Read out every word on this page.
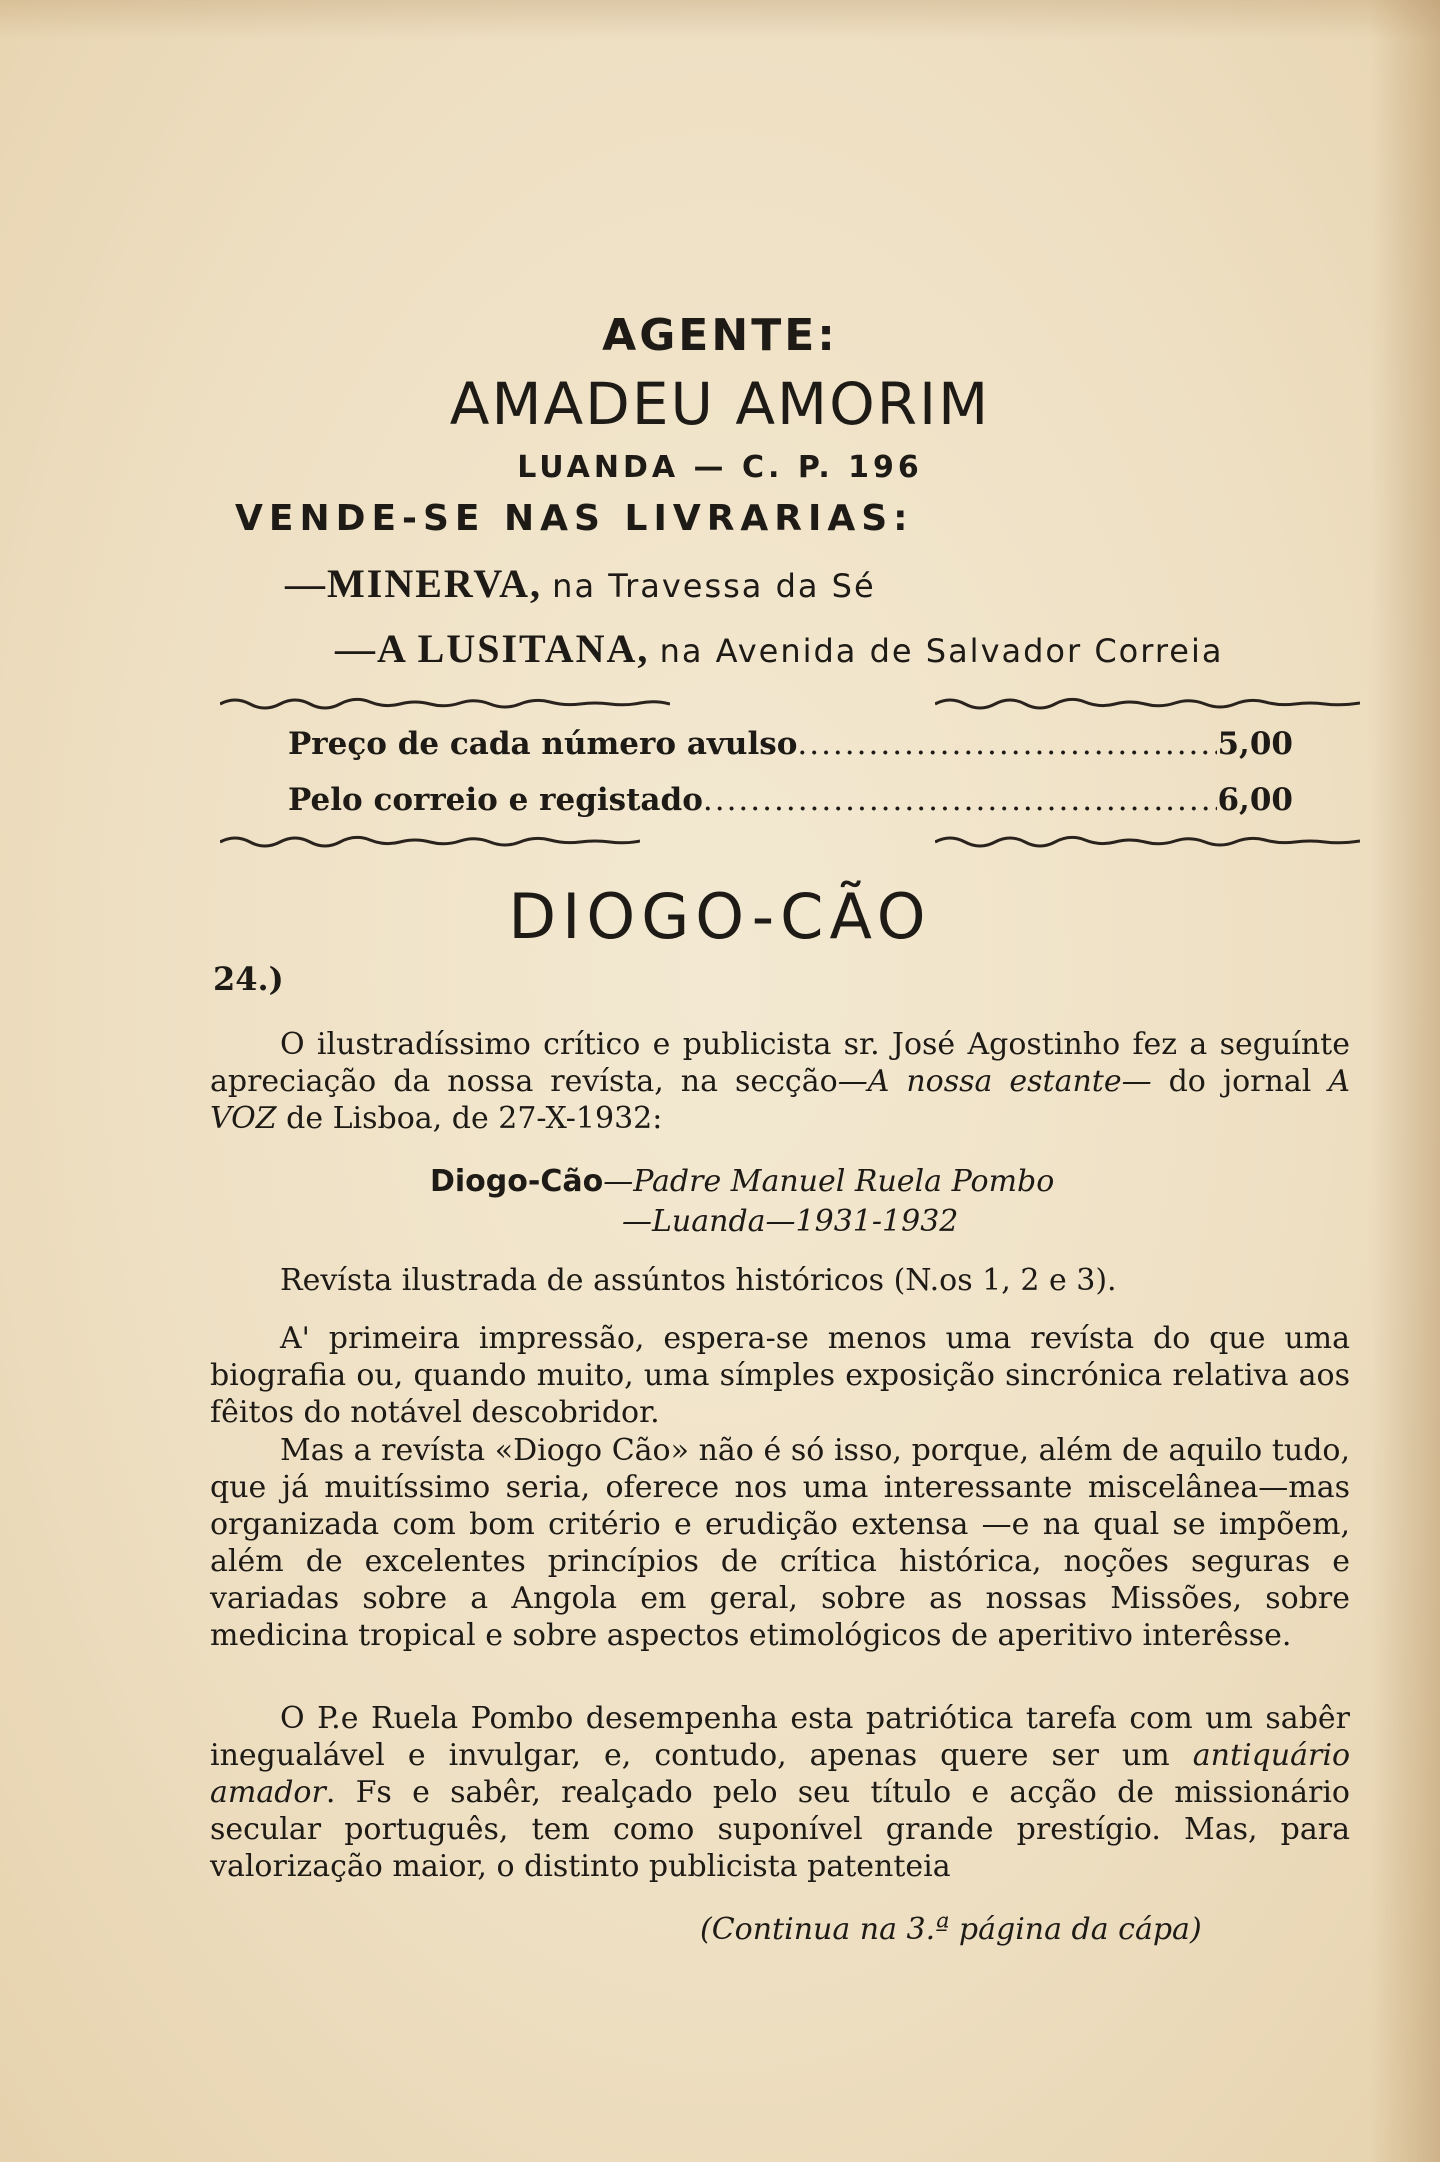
AGENTE:
AMADEU AMORIM
LUANDA — C. P. 196
VENDE-SE NAS LIVRARIAS:
—MINERVA, na Travessa da Sé
—A LUSITANA, na Avenida de Salvador Correia
Preço de cada número avulso .....	5,00
Pelo correio e registado .....	6,00
DIOGO-CÃO
24.)
O ilustradíssimo crítico e publicista sr. José Agostinho fez a seguínte apreciação da nossa revísta, na secção—A nossa estante— do jornal A VOZ de Lisboa, de 27-X-1932:
Diogo-Cão—Padre Manuel Ruela Pombo
—Luanda—1931-1932
Revísta ilustrada de assúntos históricos (N.os 1, 2 e 3).
A' primeira impressão, espera-se menos uma revísta do que uma biografia ou, quando muito, uma símples exposição sincrónica relativa aos fêitos do notável descobridor.
Mas a revísta «Diogo Cão» não é só isso, porque, além de aquilo tudo, que já muitíssimo seria, oferece nos uma interessante miscelânea—mas organizada com bom critério e erudição extensa —e na qual se impõem, além de excelentes princípios de crítica histórica, noções seguras e variadas sobre a Angola em geral, sobre as nossas Missões, sobre medicina tropical e sobre aspectos etimológicos de aperitivo interêsse.
O P.e Ruela Pombo desempenha esta patriótica tarefa com um sabêr inegualável e invulgar, e, contudo, apenas quere ser um antiquário amador. Fs e sabêr, realçado pelo seu título e acção de missionário secular português, tem como suponível grande prestígio. Mas, para valorização maior, o distinto publicista patenteia
(Continua na 3.ª página da cápa)
